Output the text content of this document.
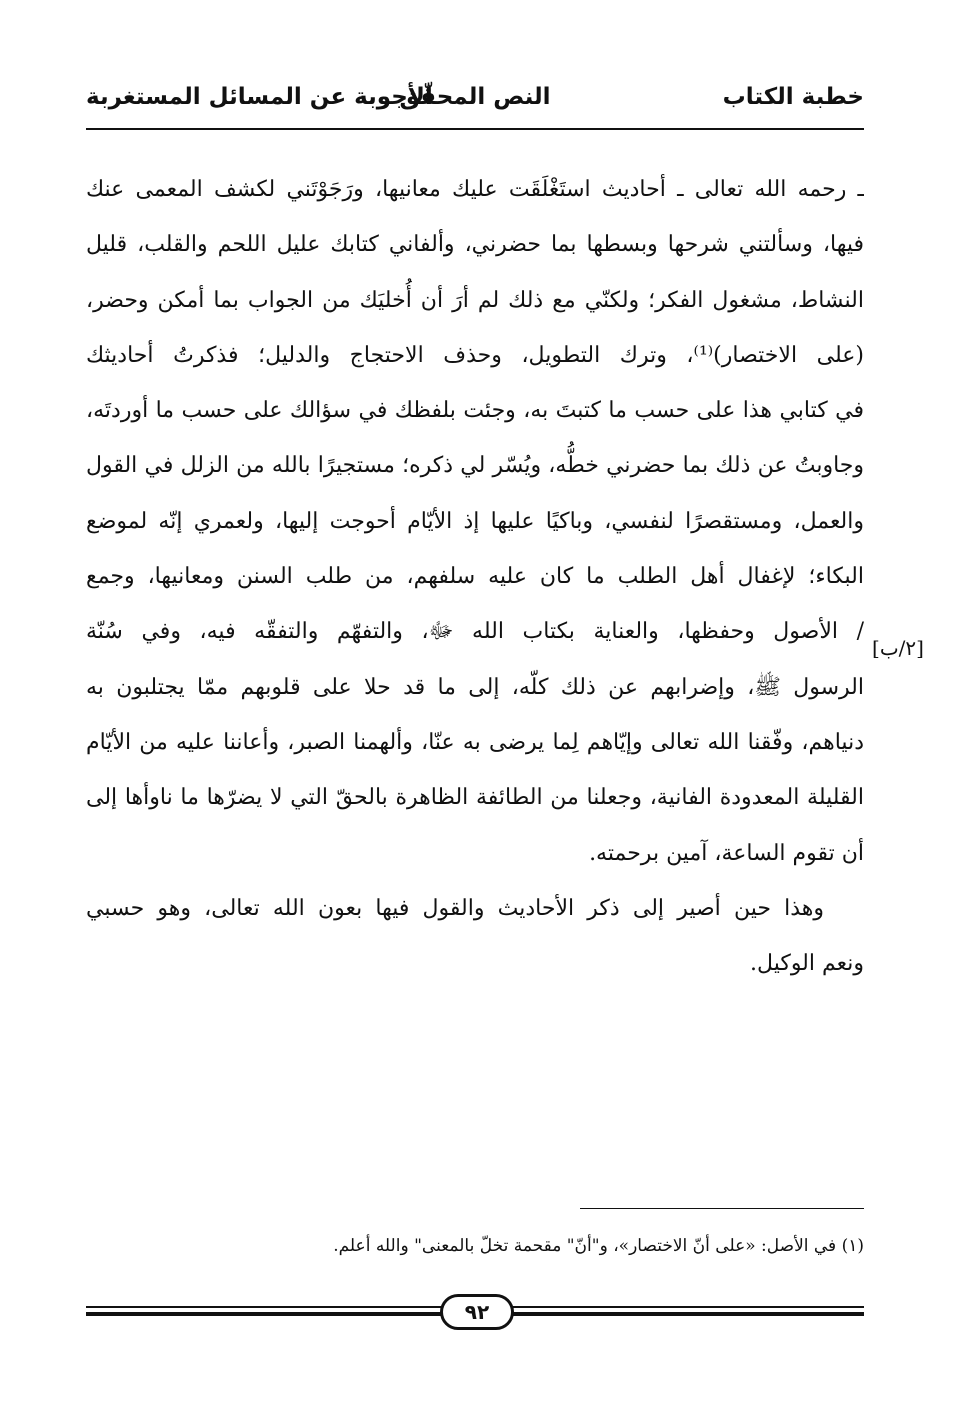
خطبة الكتاب
النص المحقّق
الأجوبة عن المسائل المستغربة
ـ رحمه الله تعالى ـ أحاديث استَغْلَقَت عليك معانيها، ورَجَوْتَني لكشف المعمى عنك
فيها، وسألتني شرحها وبسطها بما حضرني، وألفاني كتابك عليل اللحم والقلب، قليل
النشاط، مشغول الفكر؛ ولكنّي مع ذلك لم أرَ أن أُخليَك من الجواب بما أمكن وحضر،
(على الاختصار)⁽¹⁾، وترك التطويل، وحذف الاحتجاج والدليل؛ فذكرتُ أحاديثك
في كتابي هذا على حسب ما كتبتَ به، وجئت بلفظك في سؤالك على حسب ما أوردتَه،
وجاوبتُ عن ذلك بما حضرني خطُّه، ويُسّر لي ذكره؛ مستجيرًا بالله من الزلل في القول
والعمل، ومستقصرًا لنفسي، وباكيًا عليها إذ الأيّام أحوجت إليها، ولعمري إنّه لموضع
البكاء؛ لإغفال أهل الطلب ما كان عليه سلفهم، من طلب السنن ومعانيها، وجمع
/ الأصول وحفظها، والعناية بكتاب الله ﷻ، والتفهّم والتفقّه فيه، وفي سُنّة
الرسول ﷺ، وإضرابهم عن ذلك كلّه، إلى ما قد حلا على قلوبهم ممّا يجتلبون به
دنياهم، وفّقنا الله تعالى وإيّاهم لِما يرضى به عنّا، وألهمنا الصبر، وأعاننا عليه من الأيّام
القليلة المعدودة الفانية، وجعلنا من الطائفة الظاهرة بالحقّ التي لا يضرّها ما ناوأها إلى
أن تقوم الساعة، آمين برحمته.
وهذا حين أصير إلى ذكر الأحاديث والقول فيها بعون الله تعالى، وهو حسبي
ونعم الوكيل.
[٢/ب]
(١) في الأصل: «على أنّ الاختصار»، و"أنّ" مقحمة تخلّ بالمعنى" والله أعلم.
٩٢
